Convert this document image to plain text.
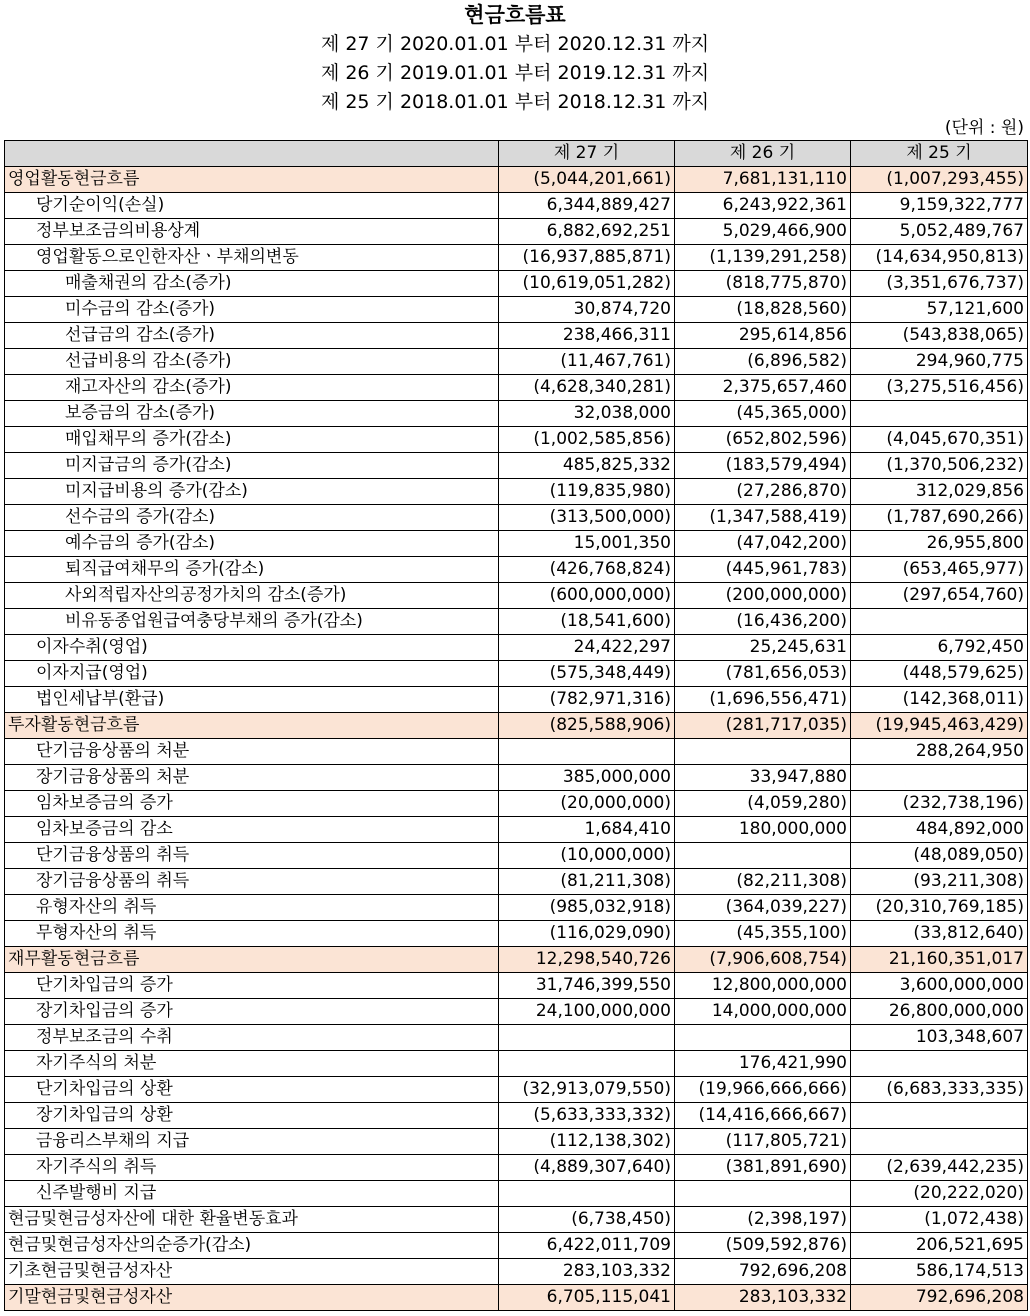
현금흐름표
제 27 기 2020.01.01 부터 2020.12.31 까지
제 26 기 2019.01.01 부터 2019.12.31 까지
제 25 기 2018.01.01 부터 2018.12.31 까지
(단위 : 원)
	제 27 기	제 26 기	제 25 기
영업활동현금흐름	(5,044,201,661)	7,681,131,110	(1,007,293,455)
당기순이익(손실)	6,344,889,427	6,243,922,361	9,159,322,777
정부보조금의비용상계	6,882,692,251	5,029,466,900	5,052,489,767
영업활동으로인한자산ㆍ부채의변동	(16,937,885,871)	(1,139,291,258)	(14,634,950,813)
매출채권의 감소(증가)	(10,619,051,282)	(818,775,870)	(3,351,676,737)
미수금의 감소(증가)	30,874,720	(18,828,560)	57,121,600
선급금의 감소(증가)	238,466,311	295,614,856	(543,838,065)
선급비용의 감소(증가)	(11,467,761)	(6,896,582)	294,960,775
재고자산의 감소(증가)	(4,628,340,281)	2,375,657,460	(3,275,516,456)
보증금의 감소(증가)	32,038,000	(45,365,000)	
매입채무의 증가(감소)	(1,002,585,856)	(652,802,596)	(4,045,670,351)
미지급금의 증가(감소)	485,825,332	(183,579,494)	(1,370,506,232)
미지급비용의 증가(감소)	(119,835,980)	(27,286,870)	312,029,856
선수금의 증가(감소)	(313,500,000)	(1,347,588,419)	(1,787,690,266)
예수금의 증가(감소)	15,001,350	(47,042,200)	26,955,800
퇴직급여채무의 증가(감소)	(426,768,824)	(445,961,783)	(653,465,977)
사외적립자산의공정가치의 감소(증가)	(600,000,000)	(200,000,000)	(297,654,760)
비유동종업원급여충당부채의 증가(감소)	(18,541,600)	(16,436,200)	
이자수취(영업)	24,422,297	25,245,631	6,792,450
이자지급(영업)	(575,348,449)	(781,656,053)	(448,579,625)
법인세납부(환급)	(782,971,316)	(1,696,556,471)	(142,368,011)
투자활동현금흐름	(825,588,906)	(281,717,035)	(19,945,463,429)
단기금융상품의 처분			288,264,950
장기금융상품의 처분	385,000,000	33,947,880	
임차보증금의 증가	(20,000,000)	(4,059,280)	(232,738,196)
임차보증금의 감소	1,684,410	180,000,000	484,892,000
단기금융상품의 취득	(10,000,000)		(48,089,050)
장기금융상품의 취득	(81,211,308)	(82,211,308)	(93,211,308)
유형자산의 취득	(985,032,918)	(364,039,227)	(20,310,769,185)
무형자산의 취득	(116,029,090)	(45,355,100)	(33,812,640)
재무활동현금흐름	12,298,540,726	(7,906,608,754)	21,160,351,017
단기차입금의 증가	31,746,399,550	12,800,000,000	3,600,000,000
장기차입금의 증가	24,100,000,000	14,000,000,000	26,800,000,000
정부보조금의 수취			103,348,607
자기주식의 처분		176,421,990	
단기차입금의 상환	(32,913,079,550)	(19,966,666,666)	(6,683,333,335)
장기차입금의 상환	(5,633,333,332)	(14,416,666,667)	
금융리스부채의 지급	(112,138,302)	(117,805,721)	
자기주식의 취득	(4,889,307,640)	(381,891,690)	(2,639,442,235)
신주발행비 지급			(20,222,020)
현금및현금성자산에 대한 환율변동효과	(6,738,450)	(2,398,197)	(1,072,438)
현금및현금성자산의순증가(감소)	6,422,011,709	(509,592,876)	206,521,695
기초현금및현금성자산	283,103,332	792,696,208	586,174,513
기말현금및현금성자산	6,705,115,041	283,103,332	792,696,208
